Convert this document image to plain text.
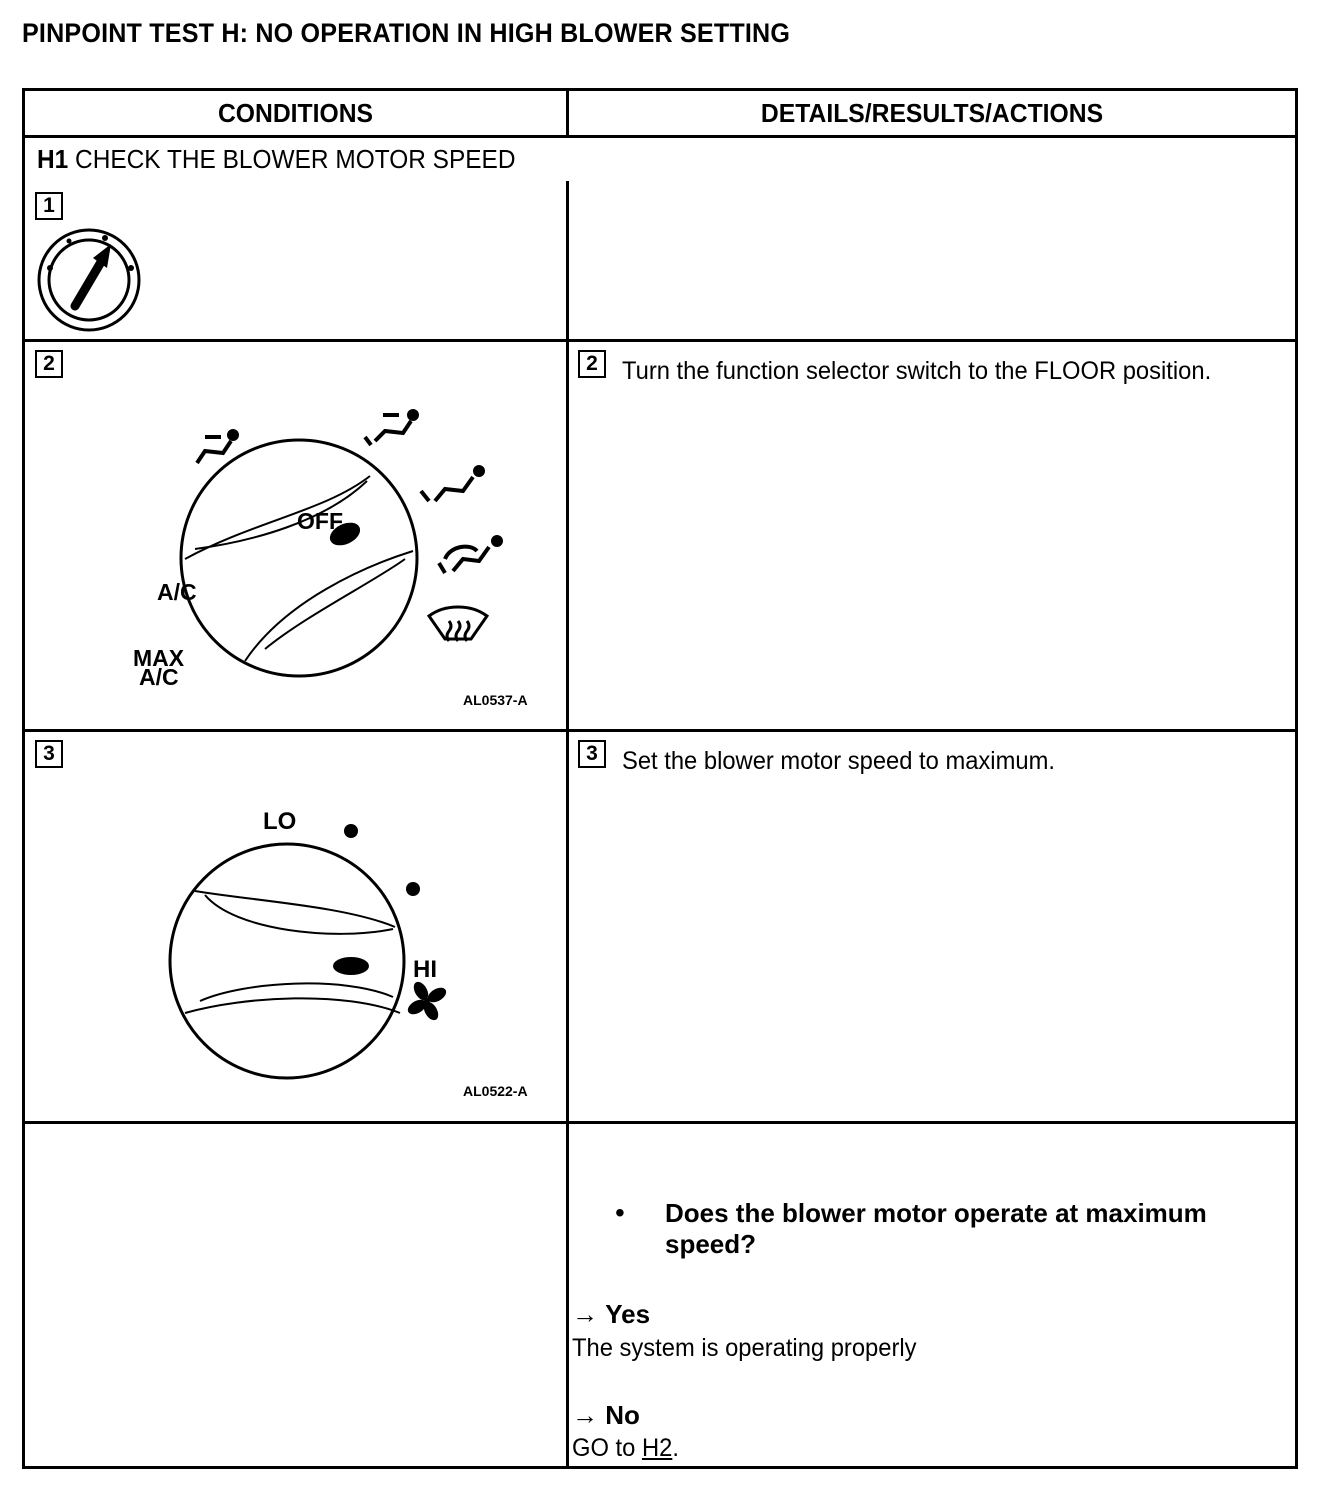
PINPOINT TEST H: NO OPERATION IN HIGH BLOWER SETTING
CONDITIONS	DETAILS/RESULTS/ACTIONS
H1 CHECK THE BLOWER MOTOR SPEED
1
2	2 Turn the function selector switch to the FLOOR position.
OFF
A/C
MAX
A/C
AL0537-A
3	3 Set the blower motor speed to maximum.
LO
HI
AL0522-A
• Does the blower motor operate at maximum speed?
→ Yes
The system is operating properly
→ No
GO to H2.
